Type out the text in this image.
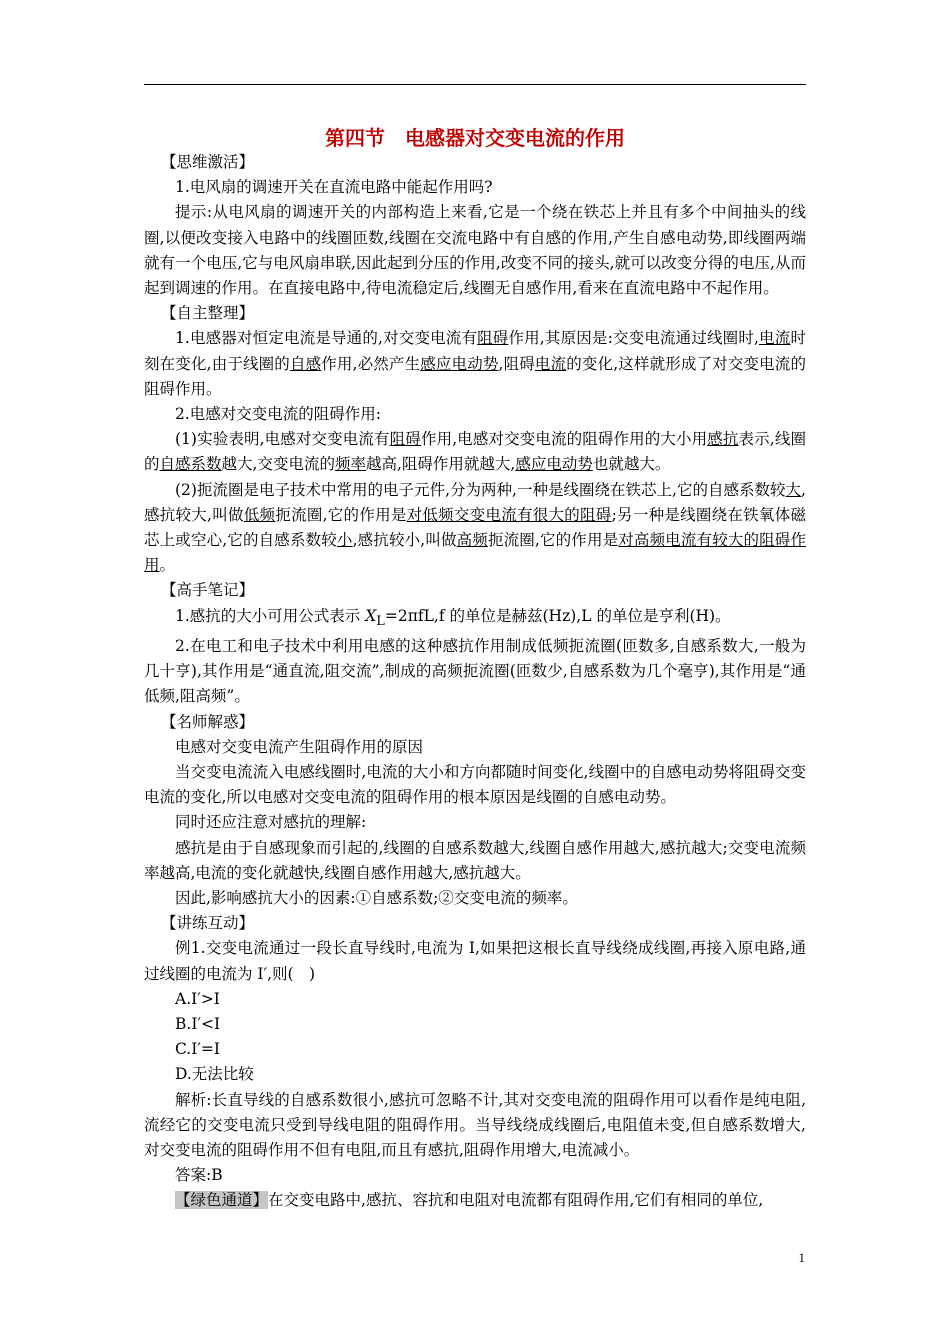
第四节　电感器对交变电流的作用

【思维激活】

1.电风扇的调速开关在直流电路中能起作用吗?

提示:从电风扇的调速开关的内部构造上来看,它是一个绕在铁芯上并且有多个中间抽头的线圈,以便改变接入电路中的线圈匝数,线圈在交流电路中有自感的作用,产生自感电动势,即线圈两端就有一个电压,它与电风扇串联,因此起到分压的作用,改变不同的接头,就可以改变分得的电压,从而起到调速的作用。在直接电路中,待电流稳定后,线圈无自感作用,看来在直流电路中不起作用。

【自主整理】

1.电感器对恒定电流是导通的,对交变电流有阻碍作用,其原因是:交变电流通过线圈时,电流时刻在变化,由于线圈的自感作用,必然产生感应电动势,阻碍电流的变化,这样就形成了对交变电流的阻碍作用。

2.电感对交变电流的阻碍作用:

(1)实验表明,电感对交变电流有阻碍作用,电感对交变电流的阻碍作用的大小用感抗表示,线圈的自感系数越大,交变电流的频率越高,阻碍作用就越大,感应电动势也就越大。

(2)扼流圈是电子技术中常用的电子元件,分为两种,一种是线圈绕在铁芯上,它的自感系数较大,感抗较大,叫做低频扼流圈,它的作用是对低频交变电流有很大的阻碍;另一种是线圈绕在铁氧体磁芯上或空心,它的自感系数较小,感抗较小,叫做高频扼流圈,它的作用是对高频电流有较大的阻碍作用。

【高手笔记】

1.感抗的大小可用公式表示 $X_L=2\pi fL,f$ 的单位是赫兹(Hz),L 的单位是亨利(H)。

2.在电工和电子技术中利用电感的这种感抗作用制成低频扼流圈(匝数多,自感系数大,一般为几十亨),其作用是“通直流,阻交流”,制成的高频扼流圈(匝数少,自感系数为几个毫亨),其作用是“通低频,阻高频”。

【名师解惑】

电感对交变电流产生阻碍作用的原因

当交变电流流入电感线圈时,电流的大小和方向都随时间变化,线圈中的自感电动势将阻碍交变电流的变化,所以电感对交变电流的阻碍作用的根本原因是线圈的自感电动势。

同时还应注意对感抗的理解:

感抗是由于自感现象而引起的,线圈的自感系数越大,线圈自感作用越大,感抗越大;交变电流频率越高,电流的变化就越快,线圈自感作用越大,感抗越大。

因此,影响感抗大小的因素:①自感系数;②交变电流的频率。

【讲练互动】

例1.交变电流通过一段长直导线时,电流为 I,如果把这根长直导线绕成线圈,再接入原电路,通过线圈的电流为 I′,则(　)

A.I′>I

B.I′<I

C.I′=I

D.无法比较

解析:长直导线的自感系数很小,感抗可忽略不计,其对交变电流的阻碍作用可以看作是纯电阻,流经它的交变电流只受到导线电阻的阻碍作用。当导线绕成线圈后,电阻值未变,但自感系数增大,对交变电流的阻碍作用不但有电阻,而且有感抗,阻碍作用增大,电流减小。

答案:B

【绿色通道】在交变电路中,感抗、容抗和电阻对电流都有阻碍作用,它们有相同的单位,

1
